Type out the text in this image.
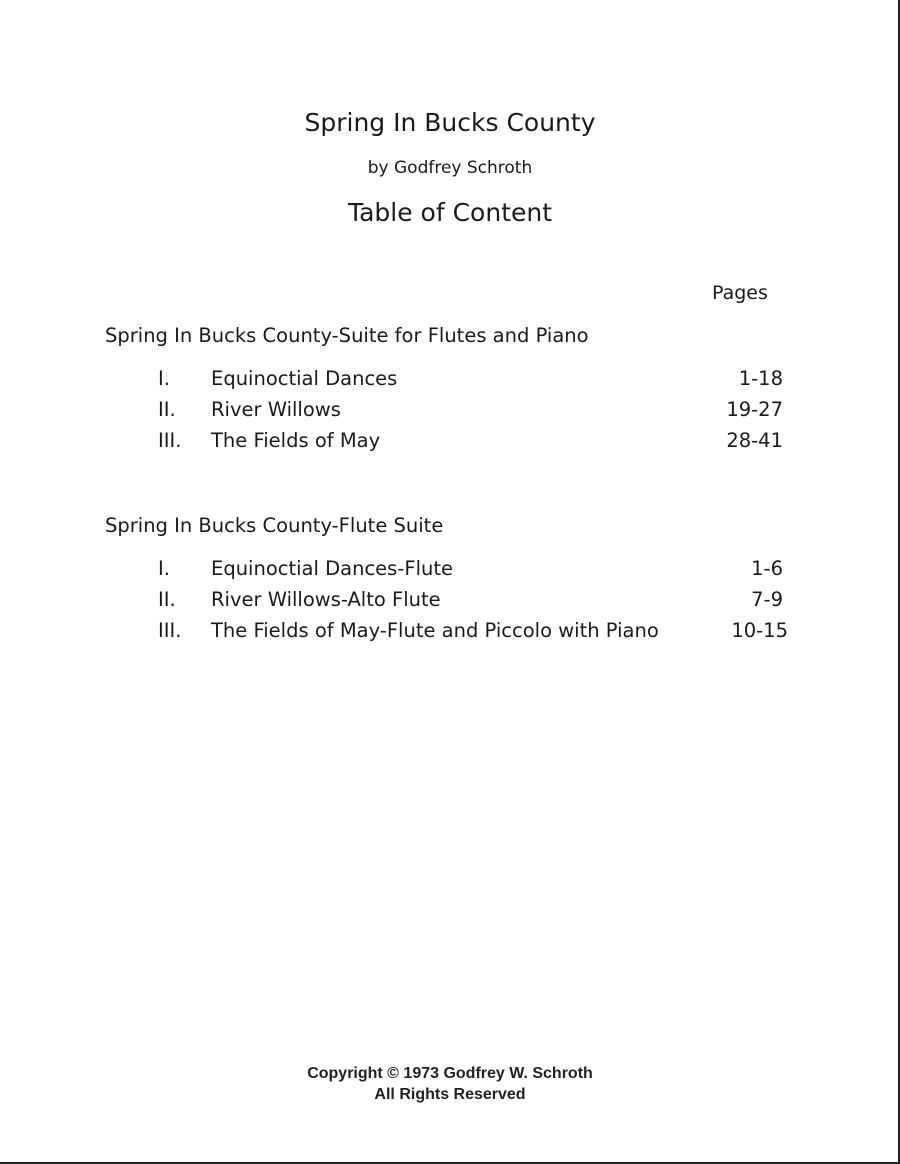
Spring In Bucks County
by Godfrey Schroth
Table of Content
Pages
Spring In Bucks County-Suite for Flutes and Piano
I. Equinoctial Dances	1-18
II. River Willows	19-27
III. The Fields of May	28-41
Spring In Bucks County-Flute Suite
I. Equinoctial Dances-Flute	1-6
II. River Willows-Alto Flute	7-9
III. The Fields of May-Flute and Piccolo with Piano	10-15
Copyright © 1973 Godfrey W. Schroth
All Rights Reserved
